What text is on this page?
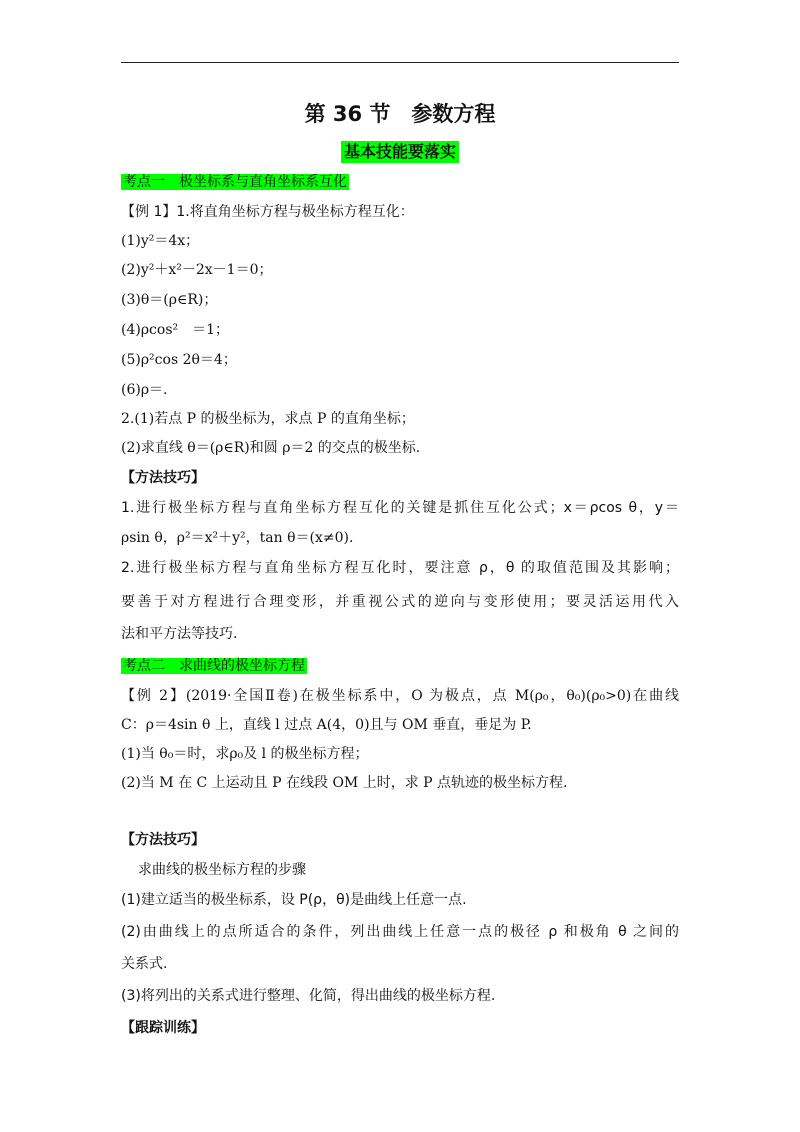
第 36 节　参数方程
基本技能要落实
考点一　极坐标系与直角坐标系互化
【例 1】1.将直角坐标方程与极坐标方程互化：
(1)y²＝4x；
(2)y²＋x²－2x－1＝0；
(3)θ＝(ρ∈R)；
(4)ρcos²　＝1；
(5)ρ²cos 2θ＝4；
(6)ρ＝.
2.(1)若点 P 的极坐标为，求点 P 的直角坐标；
(2)求直线 θ＝(ρ∈R)和圆 ρ＝2 的交点的极坐标.
【方法技巧】
1.进行极坐标方程与直角坐标方程互化的关键是抓住互化公式；x＝ρcos θ，y＝
ρsin θ，ρ²＝x²＋y²，tan θ＝(x≠0).
2.进行极坐标方程与直角坐标方程互化时，要注意 ρ，θ 的取值范围及其影响；
要善于对方程进行合理变形，并重视公式的逆向与变形使用；要灵活运用代入
法和平方法等技巧.
考点二　求曲线的极坐标方程
【例 2】(2019·全国Ⅱ卷)在极坐标系中，O 为极点，点 M(ρ₀，θ₀)(ρ₀>0)在曲线
C：ρ＝4sin θ 上，直线 l 过点 A(4，0)且与 OM 垂直，垂足为 P.
(1)当 θ₀＝时，求ρ₀及 l 的极坐标方程；
(2)当 M 在 C 上运动且 P 在线段 OM 上时，求 P 点轨迹的极坐标方程.
【方法技巧】
求曲线的极坐标方程的步骤
(1)建立适当的极坐标系，设 P(ρ，θ)是曲线上任意一点.
(2)由曲线上的点所适合的条件，列出曲线上任意一点的极径 ρ 和极角 θ 之间的
关系式.
(3)将列出的关系式进行整理、化简，得出曲线的极坐标方程.
【跟踪训练】
